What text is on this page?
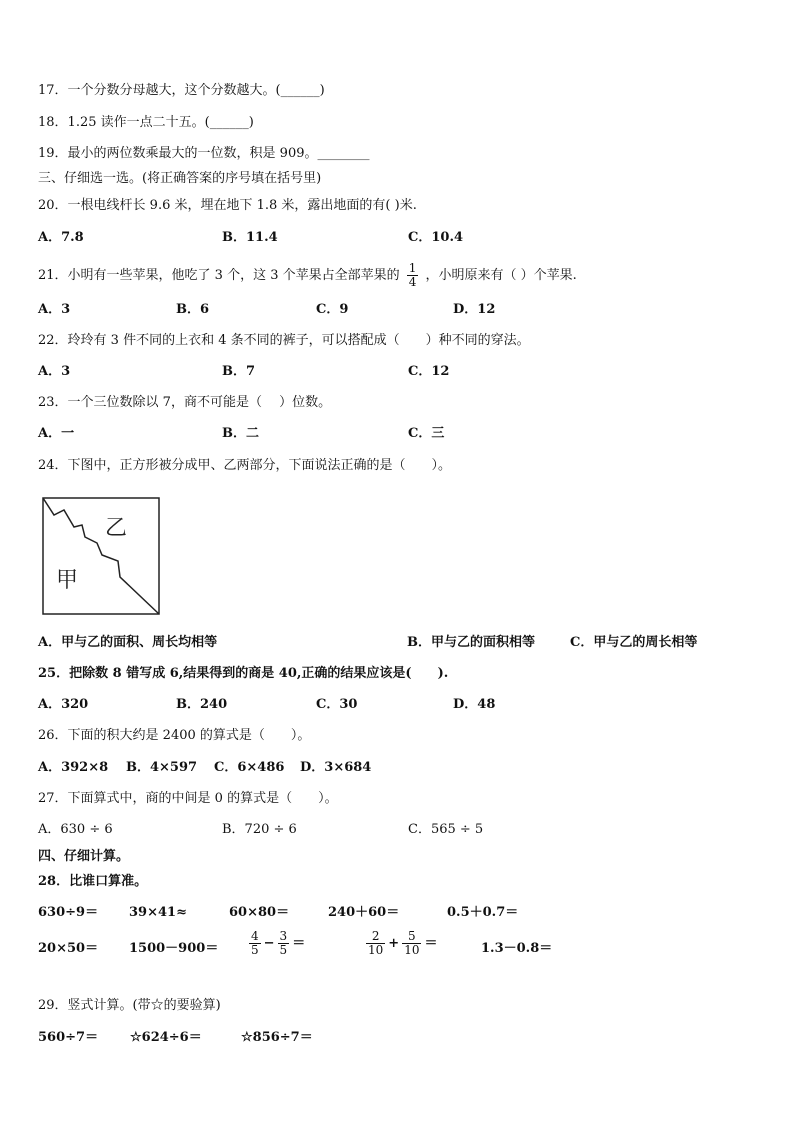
17．一个分数分母越大，这个分数越大。(______)
18．1.25 读作一点二十五。(______)
19．最小的两位数乘最大的一位数，积是 909。________
三、仔细选一选。(将正确答案的序号填在括号里)
20．一根电线杆长 9.6 米，埋在地下 1.8 米，露出地面的有( )米.
A．7.8	B．11.4	C．10.4
21．小明有一些苹果，他吃了 3 个，这 3 个苹果占全部苹果的 $\frac{1}{4}$ ，小明原来有（ ）个苹果.
A．3	B．6	C．9	D．12
22．玲玲有 3 件不同的上衣和 4 条不同的裤子，可以搭配成（　　）种不同的穿法。
A．3	B．7	C．12
23．一个三位数除以 7，商不可能是（　 ）位数。
A．一	B．二	C．三
24．下图中，正方形被分成甲、乙两部分，下面说法正确的是（　　）。
乙
甲
A．甲与乙的面积、周长均相等	B．甲与乙的面积相等	C．甲与乙的周长相等
25．把除数 8 错写成 6,结果得到的商是 40,正确的结果应该是(　　).
A．320	B．240	C．30	D．48
26．下面的积大约是 2400 的算式是（　　）。
A．392×8 B．4×597 C．6×486 D．3×684
27．下面算式中，商的中间是 0 的算式是（　　）。
A．630 ÷ 6	B．720 ÷ 6	C．565 ÷ 5
四、仔细计算。
28．比谁口算准。
630÷9＝ 39×41≈	60×80＝	240＋60＝	0.5＋0.7＝
20×50＝ 1500－900＝	$\frac{4}{5} - \frac{3}{5}$ ＝	$\frac{2}{10} + \frac{5}{10}$ ＝	1.3－0.8＝
29．竖式计算。(带☆的要验算)
560÷7＝ ☆624÷6＝	☆856÷7＝
